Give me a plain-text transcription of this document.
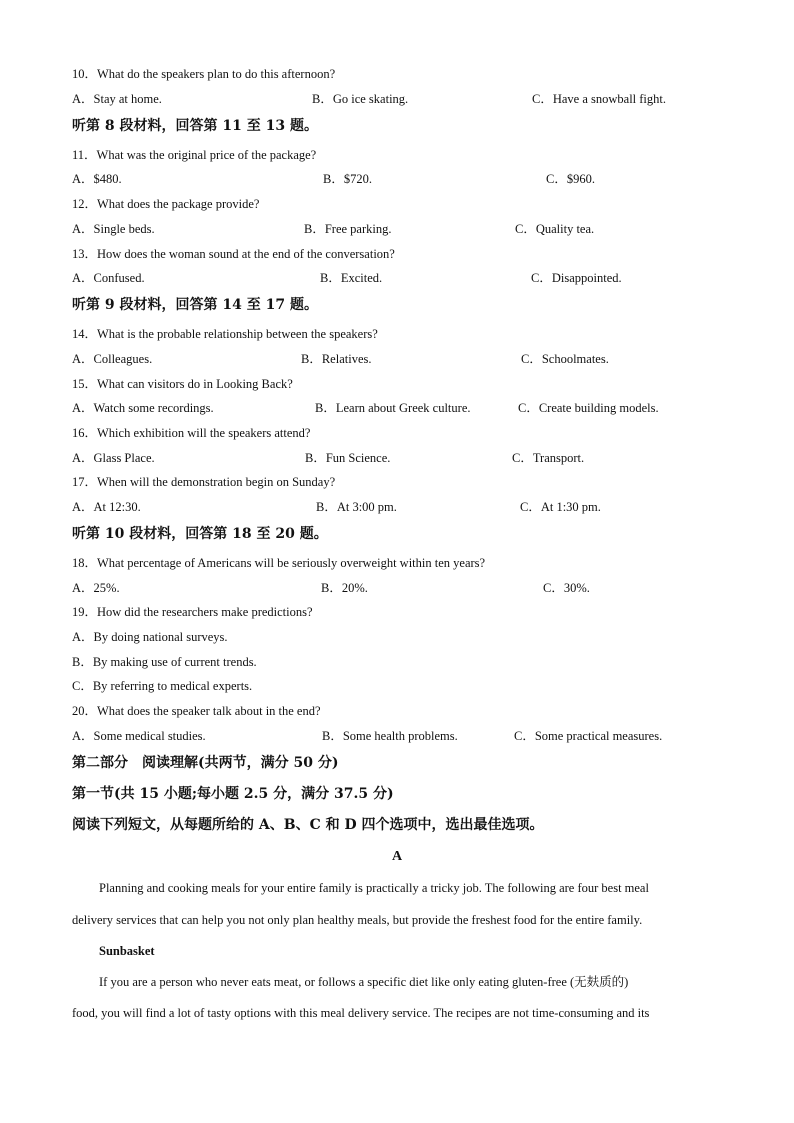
10．What do the speakers plan to do this afternoon?
A．Stay at home.	B．Go ice skating.	C．Have a snowball fight.
听第 8 段材料，回答第 11 至 13 题。
11．What was the original price of the package?
A．$480.	B．$720.	C．$960.
12．What does the package provide?
A．Single beds.	B．Free parking.	C．Quality tea.
13．How does the woman sound at the end of the conversation?
A．Confused.	B．Excited.	C．Disappointed.
听第 9 段材料，回答第 14 至 17 题。
14．What is the probable relationship between the speakers?
A．Colleagues.	B．Relatives.	C．Schoolmates.
15．What can visitors do in Looking Back?
A．Watch some recordings.	B．Learn about Greek culture.	C．Create building models.
16．Which exhibition will the speakers attend?
A．Glass Place.	B．Fun Science.	C．Transport.
17．When will the demonstration begin on Sunday?
A．At 12:30.	B．At 3:00 pm.	C．At 1:30 pm.
听第 10 段材料，回答第 18 至 20 题。
18．What percentage of Americans will be seriously overweight within ten years?
A．25%.	B．20%.	C．30%.
19．How did the researchers make predictions?
A．By doing national surveys.
B．By making use of current trends.
C．By referring to medical experts.
20．What does the speaker talk about in the end?
A．Some medical studies.	B．Some health problems.	C．Some practical measures.
第二部分　阅读理解(共两节，满分 50 分)
第一节(共 15 小题;每小题 2.5 分，满分 37.5 分)
阅读下列短文，从每题所给的 A、B、C 和 D 四个选项中，选出最佳选项。
A
Planning and cooking meals for your entire family is practically a tricky job. The following are four best meal
delivery services that can help you not only plan healthy meals, but provide the freshest food for the entire family.
Sunbasket
If you are a person who never eats meat, or follows a specific diet like only eating gluten-free (无麸质的)
food, you will find a lot of tasty options with this meal delivery service. The recipes are not time-consuming and its
